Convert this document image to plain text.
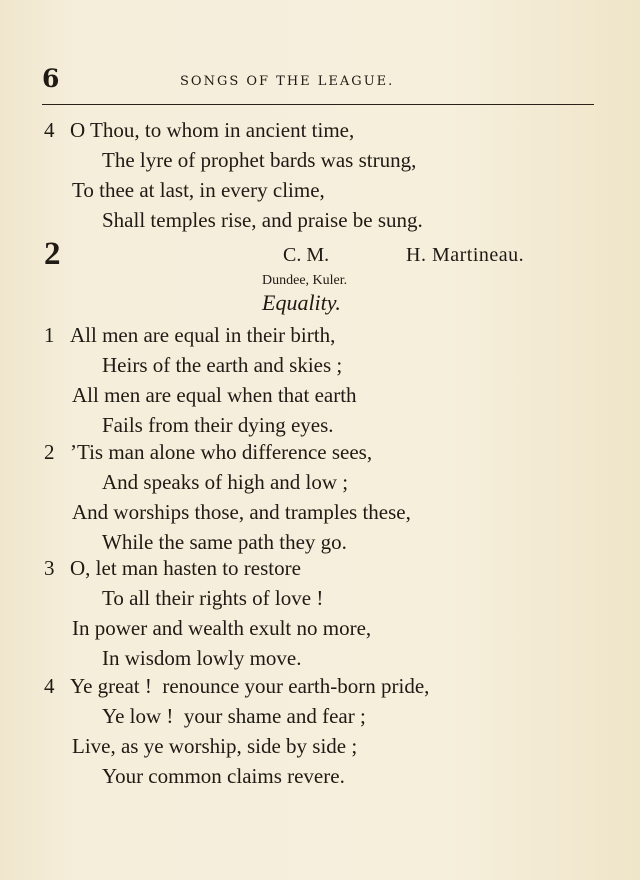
6	SONGS OF THE LEAGUE.
4 O Thou, to whom in ancient time,
The lyre of prophet bards was strung,
To thee at last, in every clime,
Shall temples rise, and praise be sung.
2	C. M.	H. Martineau.
Dundee, Kuler.
Equality.
1 All men are equal in their birth,
Heirs of the earth and skies ;
All men are equal when that earth
Fails from their dying eyes.
2 ’Tis man alone who difference sees,
And speaks of high and low ;
And worships those, and tramples these,
While the same path they go.
3 O, let man hasten to restore
To all their rights of love !
In power and wealth exult no more,
In wisdom lowly move.
4 Ye great !  renounce your earth-born pride,
Ye low !  your shame and fear ;
Live, as ye worship, side by side ;
Your common claims revere.
